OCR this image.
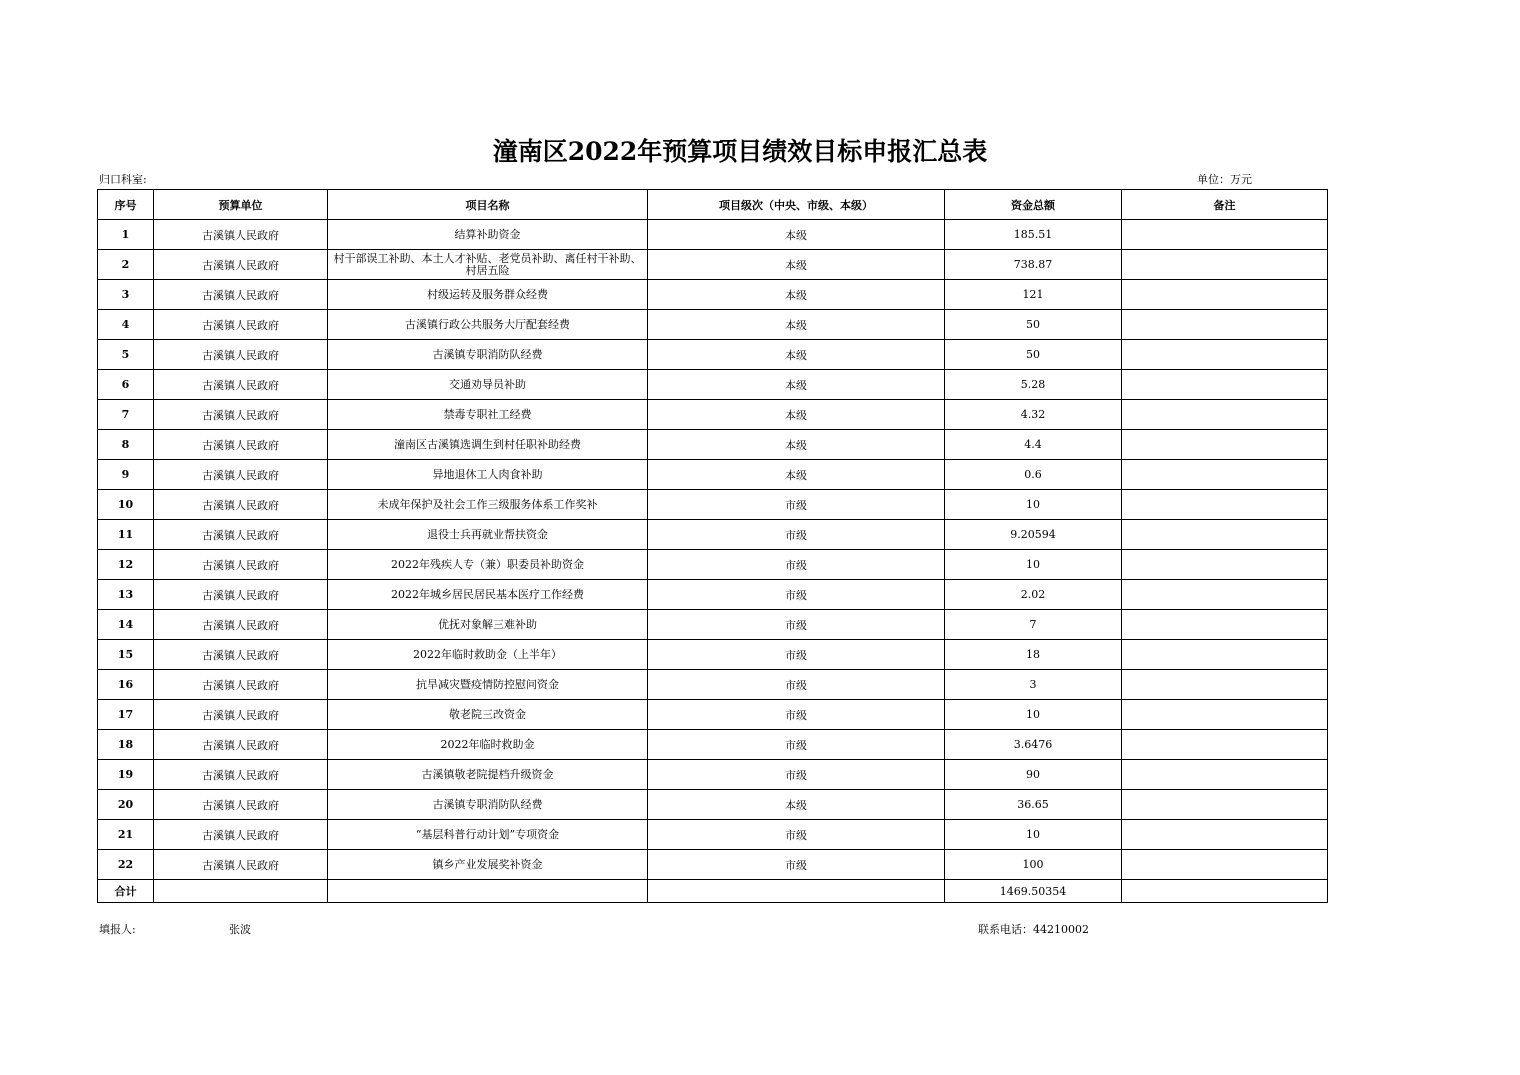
潼南区2022年预算项目绩效目标申报汇总表
归口科室:	单位：万元
序号	预算单位	项目名称	项目级次（中央、市级、本级）	资金总额	备注
1	古溪镇人民政府	结算补助资金	本级	185.51	
2	古溪镇人民政府	村干部误工补助、本土人才补贴、老党员补助、离任村干补助、村居五险	本级	738.87	
3	古溪镇人民政府	村级运转及服务群众经费	本级	121	
4	古溪镇人民政府	古溪镇行政公共服务大厅配套经费	本级	50	
5	古溪镇人民政府	古溪镇专职消防队经费	本级	50	
6	古溪镇人民政府	交通劝导员补助	本级	5.28	
7	古溪镇人民政府	禁毒专职社工经费	本级	4.32	
8	古溪镇人民政府	潼南区古溪镇选调生到村任职补助经费	本级	4.4	
9	古溪镇人民政府	异地退休工人肉食补助	本级	0.6	
10	古溪镇人民政府	未成年保护及社会工作三级服务体系工作奖补	市级	10	
11	古溪镇人民政府	退役士兵再就业帮扶资金	市级	9.20594	
12	古溪镇人民政府	2022年残疾人专（兼）职委员补助资金	市级	10	
13	古溪镇人民政府	2022年城乡居民居民基本医疗工作经费	市级	2.02	
14	古溪镇人民政府	优抚对象解三难补助	市级	7	
15	古溪镇人民政府	2022年临时救助金（上半年）	市级	18	
16	古溪镇人民政府	抗旱减灾暨疫情防控慰问资金	市级	3	
17	古溪镇人民政府	敬老院三改资金	市级	10	
18	古溪镇人民政府	2022年临时救助金	市级	3.6476	
19	古溪镇人民政府	古溪镇敬老院提档升级资金	市级	90	
20	古溪镇人民政府	古溪镇专职消防队经费	本级	36.65	
21	古溪镇人民政府	“基层科普行动计划”专项资金	市级	10	
22	古溪镇人民政府	镇乡产业发展奖补资金	市级	100	
合计				1469.50354	
填报人:	张波	联系电话：44210002
